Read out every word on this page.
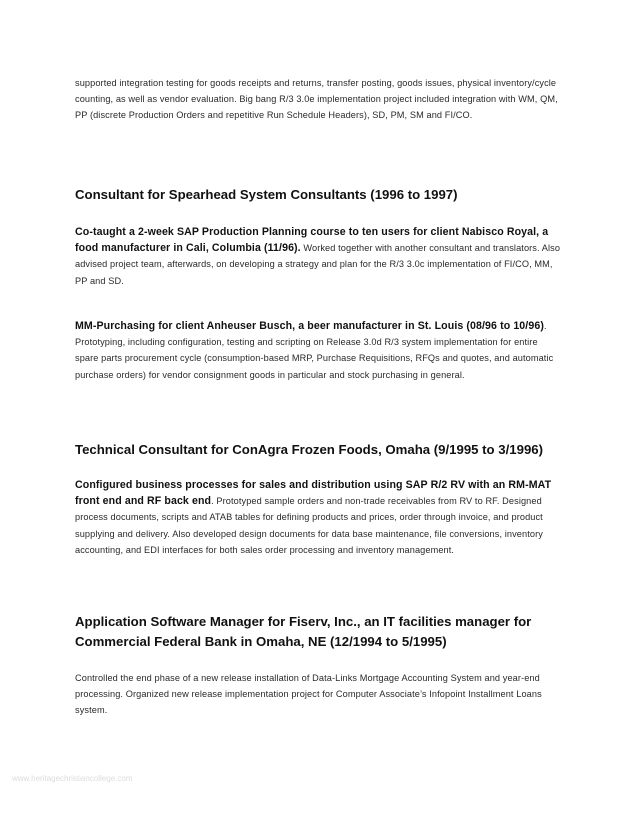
supported integration testing for goods receipts and returns, transfer posting, goods issues, physical inventory/cycle counting, as well as vendor evaluation. Big bang R/3 3.0e implementation project included integration with WM, QM, PP (discrete Production Orders and repetitive Run Schedule Headers), SD, PM, SM and FI/CO.
Consultant for Spearhead System Consultants (1996 to 1997)
Co-taught a 2-week SAP Production Planning course to ten users for client Nabisco Royal, a food manufacturer in Cali, Columbia (11/96). Worked together with another consultant and translators. Also advised project team, afterwards, on developing a strategy and plan for the R/3 3.0c implementation of FI/CO, MM, PP and SD.
MM-Purchasing for client Anheuser Busch, a beer manufacturer in St. Louis (08/96 to 10/96). Prototyping, including configuration, testing and scripting on Release 3.0d R/3 system implementation for entire spare parts procurement cycle (consumption-based MRP, Purchase Requisitions, RFQs and quotes, and automatic purchase orders) for vendor consignment goods in particular and stock purchasing in general.
Technical Consultant for ConAgra Frozen Foods, Omaha (9/1995 to 3/1996)
Configured business processes for sales and distribution using SAP R/2 RV with an RM-MAT front end and RF back end. Prototyped sample orders and non-trade receivables from RV to RF. Designed process documents, scripts and ATAB tables for defining products and prices, order through invoice, and product supplying and delivery. Also developed design documents for data base maintenance, file conversions, inventory accounting, and EDI interfaces for both sales order processing and inventory management.
Application Software Manager for Fiserv, Inc., an IT facilities manager for Commercial Federal Bank in Omaha, NE (12/1994 to 5/1995)
Controlled the end phase of a new release installation of Data-Links Mortgage Accounting System and year-end processing. Organized new release implementation project for Computer Associate’s Infopoint Installment Loans system.
www.heritagechristiancollege.com
